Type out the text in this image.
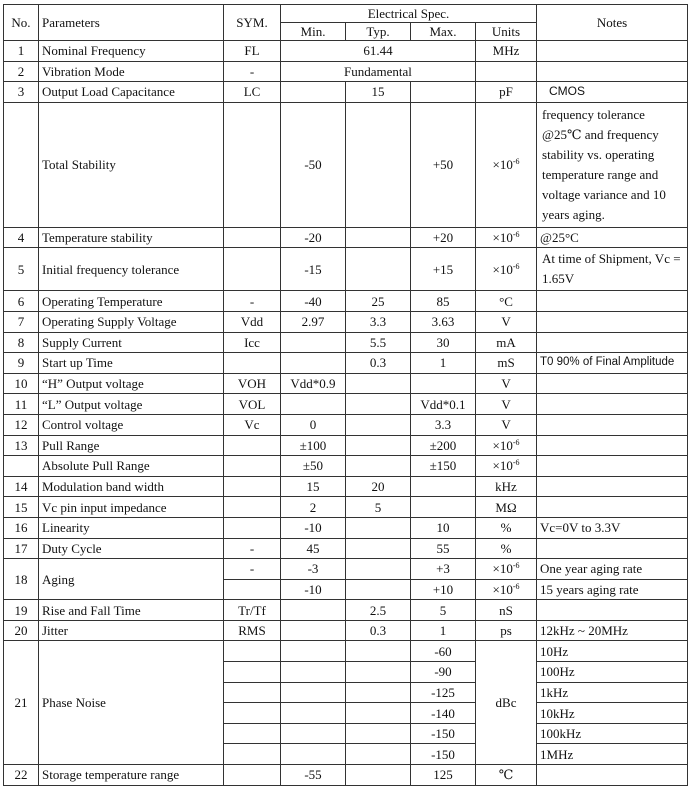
No.	Parameters	SYM.	Electrical Spec.				Notes
			Min.	Typ.	Max.	Units	
1	Nominal Frequency	FL	61.44			MHz	
2	Vibration Mode	-	Fundamental				
3	Output Load Capacitance	LC		15		pF	CMOS
	Total Stability		-50		+50	$\times 10^{-6}$	frequency tolerance @25℃ and frequency stability vs. operating temperature range and voltage variance and 10 years aging.
4	Temperature stability		-20		+20	$\times 10^{-6}$	@25°C
5	Initial frequency tolerance		-15		+15	$\times 10^{-6}$	At time of Shipment, Vc = 1.65V
6	Operating Temperature	-	-40	25	85	°C	
7	Operating Supply Voltage	Vdd	2.97	3.3	3.63	V	
8	Supply Current	Icc		5.5	30	mA	
9	Start up Time			0.3	1	mS	T0 90% of Final Amplitude
10	“H” Output voltage	VOH	Vdd*0.9			V	
11	“L” Output voltage	VOL			Vdd*0.1	V	
12	Control voltage	Vc	0		3.3	V	
13	Pull Range		±100		±200	$\times 10^{-6}$	
	Absolute Pull Range		±50		±150	$\times 10^{-6}$	
14	Modulation band width		15	20		kHz	
15	Vc pin input impedance		2	5		MΩ	
16	Linearity		-10		10	%	Vc=0V to 3.3V
17	Duty Cycle	-	45		55	%	
18	Aging	-	-3		+3	$\times 10^{-6}$	One year aging rate
			-10		+10	$\times 10^{-6}$	15 years aging rate
19	Rise and Fall Time	Tr/Tf		2.5	5	nS	
20	Jitter	RMS		0.3	1	ps	12kHz ~ 20MHz
21	Phase Noise				-60	dBc	10Hz
					-90		100Hz
					-125		1kHz
					-140		10kHz
					-150		100kHz
					-150		1MHz
22	Storage temperature range		-55		125	℃	
